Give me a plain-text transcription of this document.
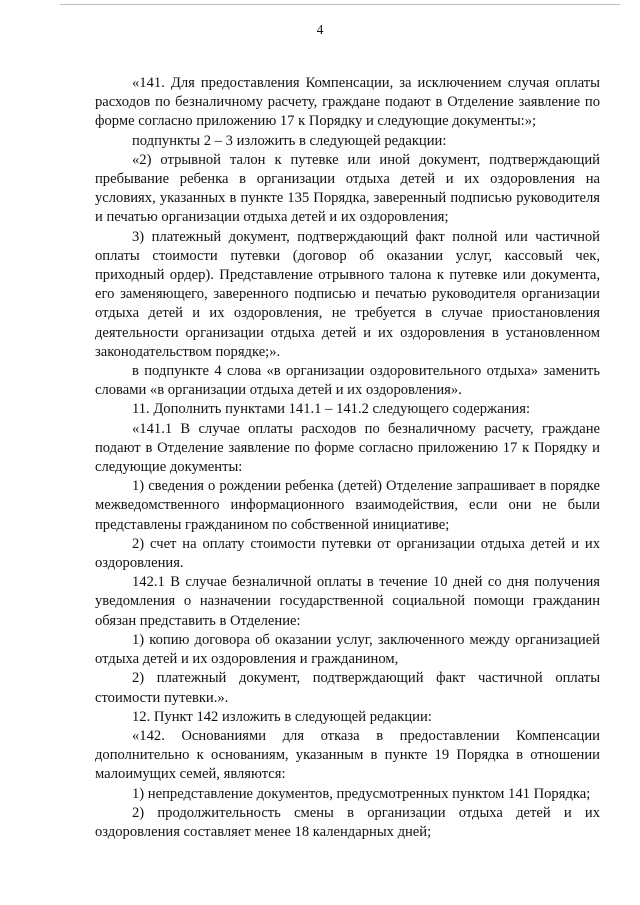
4

«141. Для предоставления Компенсации, за исключением случая оплаты расходов по безналичному расчету, граждане подают в Отделение заявление по форме согласно приложению 17 к Порядку и следующие документы:»;

подпункты 2 – 3 изложить в следующей редакции:

«2) отрывной талон к путевке или иной документ, подтверждающий пребывание ребенка в организации отдыха детей и их оздоровления на условиях, указанных в пункте 135 Порядка, заверенный подписью руководителя и печатью организации отдыха детей и их оздоровления;

3) платежный документ, подтверждающий факт полной или частичной оплаты стоимости путевки (договор об оказании услуг, кассовый чек, приходный ордер). Представление отрывного талона к путевке или документа, его заменяющего, заверенного подписью и печатью руководителя организации отдыха детей и их оздоровления, не требуется в случае приостановления деятельности организации отдыха детей и их оздоровления в установленном законодательством порядке;».

в подпункте 4 слова «в организации оздоровительного отдыха» заменить словами «в организации отдыха детей и их оздоровления».

11. Дополнить пунктами 141.1 – 141.2 следующего содержания:

«141.1 В случае оплаты расходов по безналичному расчету, граждане подают в Отделение заявление по форме согласно приложению 17 к Порядку и следующие документы:

1) сведения о рождении ребенка (детей) Отделение запрашивает в порядке межведомственного информационного взаимодействия, если они не были представлены гражданином по собственной инициативе;

2) счет на оплату стоимости путевки от организации отдыха детей и их оздоровления.

142.1 В случае безналичной оплаты в течение 10 дней со дня получения уведомления о назначении государственной социальной помощи гражданин обязан представить в Отделение:

1) копию договора об оказании услуг, заключенного между организацией отдыха детей и их оздоровления и гражданином,

2) платежный документ, подтверждающий факт частичной оплаты стоимости путевки.».

12. Пункт 142 изложить в следующей редакции:

«142. Основаниями для отказа в предоставлении Компенсации дополнительно к основаниям, указанным в пункте 19 Порядка в отношении малоимущих семей, являются:

1) непредставление документов, предусмотренных пунктом 141 Порядка;

2) продолжительность смены в организации отдыха детей и их оздоровления составляет менее 18 календарных дней;
